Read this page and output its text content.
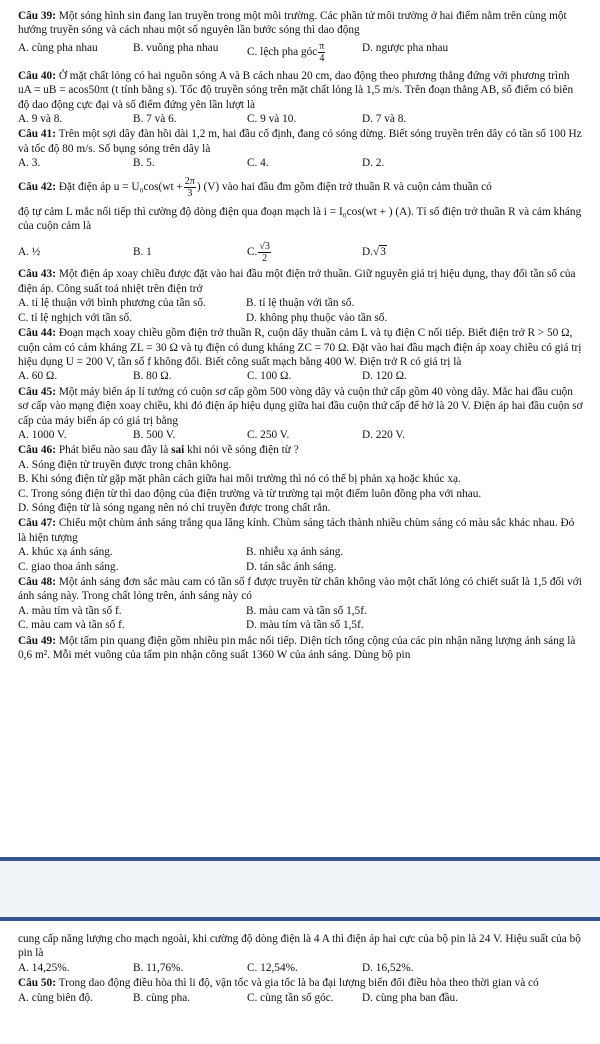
Câu 39: Một sóng hình sin đang lan truyền trong một môi trường. Các phần tử môi trường ở hai điểm nằm trên cùng một hướng truyền sóng và cách nhau một số nguyên lần bước sóng thì dao động

A. cùng pha nhau	B. vuông pha nhau	C. lệch pha góc $\frac{\pi}{4}$	D. ngược pha nhau

Câu 40: Ở mặt chất lỏng có hai nguồn sóng A và B cách nhau 20 cm, dao động theo phương thẳng đứng với phương trình uA = uB = acos50πt (t tính bằng s). Tốc độ truyền sóng trên mặt chất lỏng là 1,5 m/s. Trên đoạn thẳng AB, số điểm có biên độ dao động cực đại và số điểm đứng yên lần lượt là

A. 9 và 8.	B. 7 và 6.	C. 9 và 10.	D. 7 và 8.

Câu 41: Trên một sợi dây đàn hồi dài 1,2 m, hai đầu cố định, đang có sóng dừng. Biết sóng truyền trên dây có tần số 100 Hz và tốc độ 80 m/s. Số bụng sóng trên dây là

A. 3.	B. 5.	C. 4.	D. 2.

Câu 42: Đặt điện áp $u = U_0\cos(wt + \frac{2\pi}{3}$ ) (V) vào hai đầu đm gồm điện trở thuần R và cuộn cảm thuần có

độ tự cảm L mắc nối tiếp thì cường độ dòng điện qua đoạn mạch là i = I₀cos(wt + ) (A). Tỉ số điện trở thuần R và cảm kháng của cuộn cảm là

A. ½	B. 1	C. $\frac{√3}{2}$	D.√3

Câu 43: Một điện áp xoay chiều được đặt vào hai đầu một điện trở thuần. Giữ nguyên giá trị hiệu dụng, thay đổi tần số của điện áp. Công suất toả nhiệt trên điện trở

A. tỉ lệ thuận với bình phương của tần số.	B. tỉ lệ thuận với tần số.
C. tỉ lệ nghịch với tần số.	D. không phụ thuộc vào tần số.

Câu 44: Đoạn mạch xoay chiều gồm điện trở thuần R, cuộn dây thuần cảm L và tụ điện C nối tiếp. Biết điện trở R > 50 Ω, cuộn cảm có cảm kháng ZL = 30 Ω và tụ điện có dung kháng ZC = 70 Ω. Đặt vào hai đầu mạch điện áp xoay chiều có giá trị hiệu dụng U = 200 V, tần số f không đổi. Biết công suất mạch bằng 400 W. Điện trở R có giá trị là

A. 60 Ω.	B. 80 Ω.	C. 100 Ω.	D. 120 Ω.

Câu 45: Một máy biến áp lí tưởng có cuộn sơ cấp gồm 500 vòng dây và cuộn thứ cấp gồm 40 vòng dây. Mắc hai đầu cuộn sơ cấp vào mạng điện xoay chiều, khi đó điện áp hiệu dụng giữa hai đầu cuộn thứ cấp để hở là 20 V. Điện áp hai đầu cuộn sơ cấp của máy biến áp có giá trị bằng

A. 1000 V.	B. 500 V.	C. 250 V.	D. 220 V.

Câu 46: Phát biểu nào sau đây là sai khi nói về sóng điện từ ?

A. Sóng điện từ truyền được trong chân không.

B. Khi sóng điện từ gặp mặt phân cách giữa hai môi trường thì nó có thể bị phản xạ hoặc khúc xạ.

C. Trong sóng điện từ thì dao động của điện trường và từ trường tại một điểm luôn đồng pha với nhau.

D. Sóng điện từ là sóng ngang nên nó chỉ truyền được trong chất rắn.

Câu 47: Chiếu một chùm ánh sáng trắng qua lăng kính. Chùm sáng tách thành nhiều chùm sáng có màu sắc khác nhau. Đó là hiện tượng

A. khúc xạ ánh sáng.	B. nhiễu xạ ánh sáng.
C. giao thoa ánh sáng.	D. tán sắc ánh sáng.

Câu 48: Một ánh sáng đơn sắc màu cam có tần số f được truyền từ chân không vào một chất lỏng có chiết suất là 1,5 đối với ánh sáng này. Trong chất lỏng trên, ánh sáng này có

A. màu tím và tần số f.	B. màu cam và tần số 1,5f.
C. màu cam và tần số f.	D. màu tím và tần số 1,5f.

Câu 49: Một tấm pin quang điện gồm nhiều pin mắc nối tiếp. Diện tích tổng cộng của các pin nhận năng lượng ánh sáng là 0,6 m². Mỗi mét vuông của tấm pin nhận công suất 1360 W của ánh sáng. Dùng bộ pin

cung cấp năng lượng cho mạch ngoài, khi cường độ dòng điện là 4 A thì điện áp hai cực của bộ pin là 24 V. Hiệu suất của bộ pin là

A. 14,25%.	B. 11,76%.	C. 12,54%.	D. 16,52%.

Câu 50: Trong dao động điều hòa thì li độ, vận tốc và gia tốc là ba đại lượng biến đổi điều hòa theo thời gian và có

A. cùng biên độ.	B. cùng pha.	C. cùng tần số góc.	D. cùng pha ban đầu.
